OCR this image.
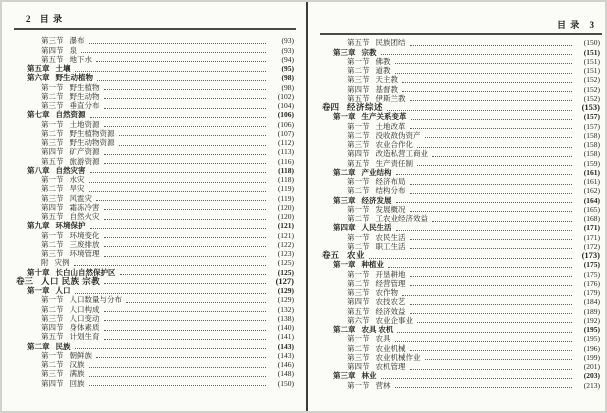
2 目 录
第三节 瀑布	(93)
第四节 泉	(93)
第五节 地下水	(94)
第五章 土壤	(95)
第六章 野生动植物	(98)
第一节 野生植物	(98)
第二节 野生动物	(102)
第三节 垂直分布	(104)
第七章 自然资源	(106)
第一节 土地资源	(106)
第二节 野生植物资源	(107)
第三节 野生动物资源	(112)
第四节 矿产资源	(113)
第五节 旅游资源	(116)
第八章 自然灾害	(118)
第一节 水灾	(118)
第二节 旱灾	(119)
第三节 风雹灾	(119)
第四节 霜冻冷害	(120)
第五节 自然火灾	(120)
第九章 环境保护	(121)
第一节 环境变化	(121)
第二节 三废排放	(122)
第三节 环境管理	(123)
附 灾例	(125)
第十章 长白山自然保护区	(125)
卷三 人口 民族 宗教	(127)
第一章 人口	(129)
第一节 人口数量与分布	(129)
第二节 人口构成	(132)
第三节 人口变动	(138)
第四节 身体素质	(140)
第五节 计划生育	(141)
第二章 民族	(143)
第一节 朝鲜族	(143)
第二节 汉族	(146)
第三节 满族	(148)
第四节 回族	(150)
目 录 3
第五节 民族团结	(150)
第三章 宗教	(151)
第一节 佛教	(151)
第二节 道教	(151)
第三节 天主教	(152)
第四节 基督教	(152)
第五节 伊斯兰教	(152)
卷四 经济综述	(153)
第一章 生产关系变革	(157)
第一节 土地改革	(157)
第二节 没收敌伪资产	(158)
第三节 农业合作化	(158)
第四节 改造私营工商业	(158)
第五节 生产责任制	(159)
第二章 产业结构	(161)
第一节 经济布局	(161)
第二节 结构分布	(162)
第三章 经济发展	(164)
第一节 发展概况	(165)
第二节 工农业经济效益	(168)
第四章 人民生活	(171)
第一节 农民生活	(171)
第二节 职工生活	(172)
卷五 农业	(173)
第一章 种植业	(175)
第一节 开垦耕地	(175)
第二节 经营管理	(176)
第三节 农作物	(179)
第四节 农技农艺	(184)
第五节 经济效益	(189)
第六节 农业企事业	(192)
第二章 农具 农机	(195)
第一节 农具	(195)
第二节 农业机械	(196)
第三节 农业机械作业	(199)
第四节 农机管理	(201)
第三章 林业	(203)
第一节 营林	(213)
